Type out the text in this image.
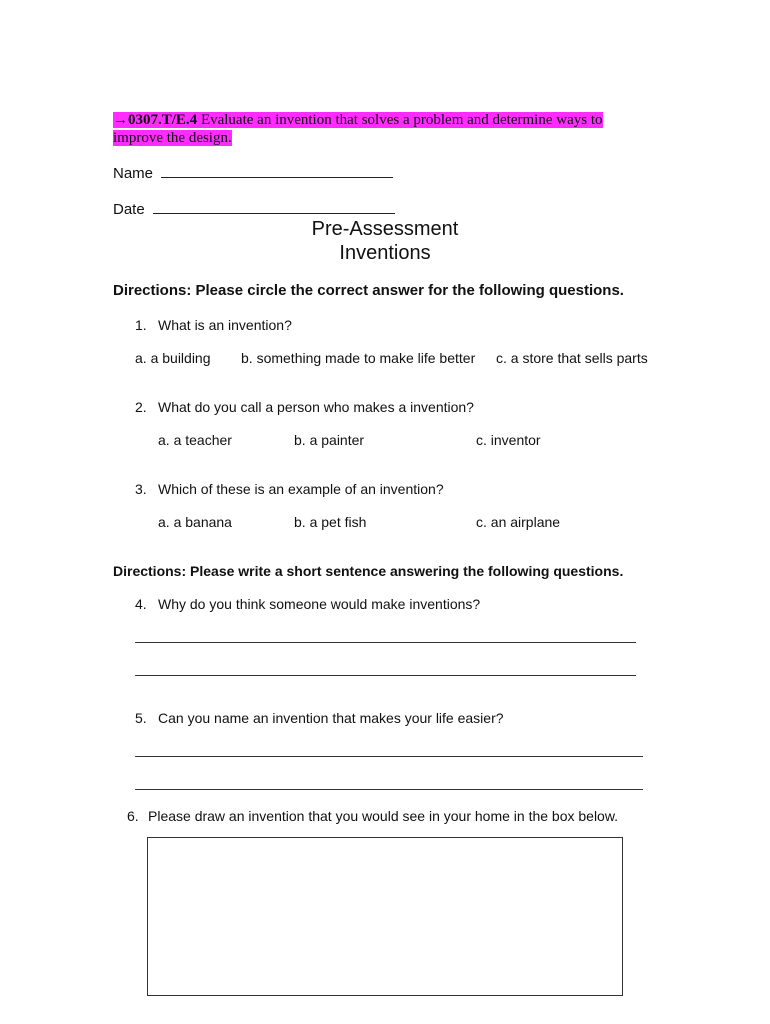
→0307.T/E.4 Evaluate an invention that solves a problem and determine ways to improve the design.
Name
Date
Pre-Assessment
Inventions
Directions: Please circle the correct answer for the following questions.
1. What is an invention?
a. a building b. something made to make life better c. a store that sells parts
2. What do you call a person who makes a invention?
a. a teacher	b. a painter	c. inventor
3. Which of these is an example of an invention?
a. a banana	b. a pet fish	c. an airplane
Directions: Please write a short sentence answering the following questions.
4. Why do you think someone would make inventions?
5. Can you name an invention that makes your life easier?
6. Please draw an invention that you would see in your home in the box below.
